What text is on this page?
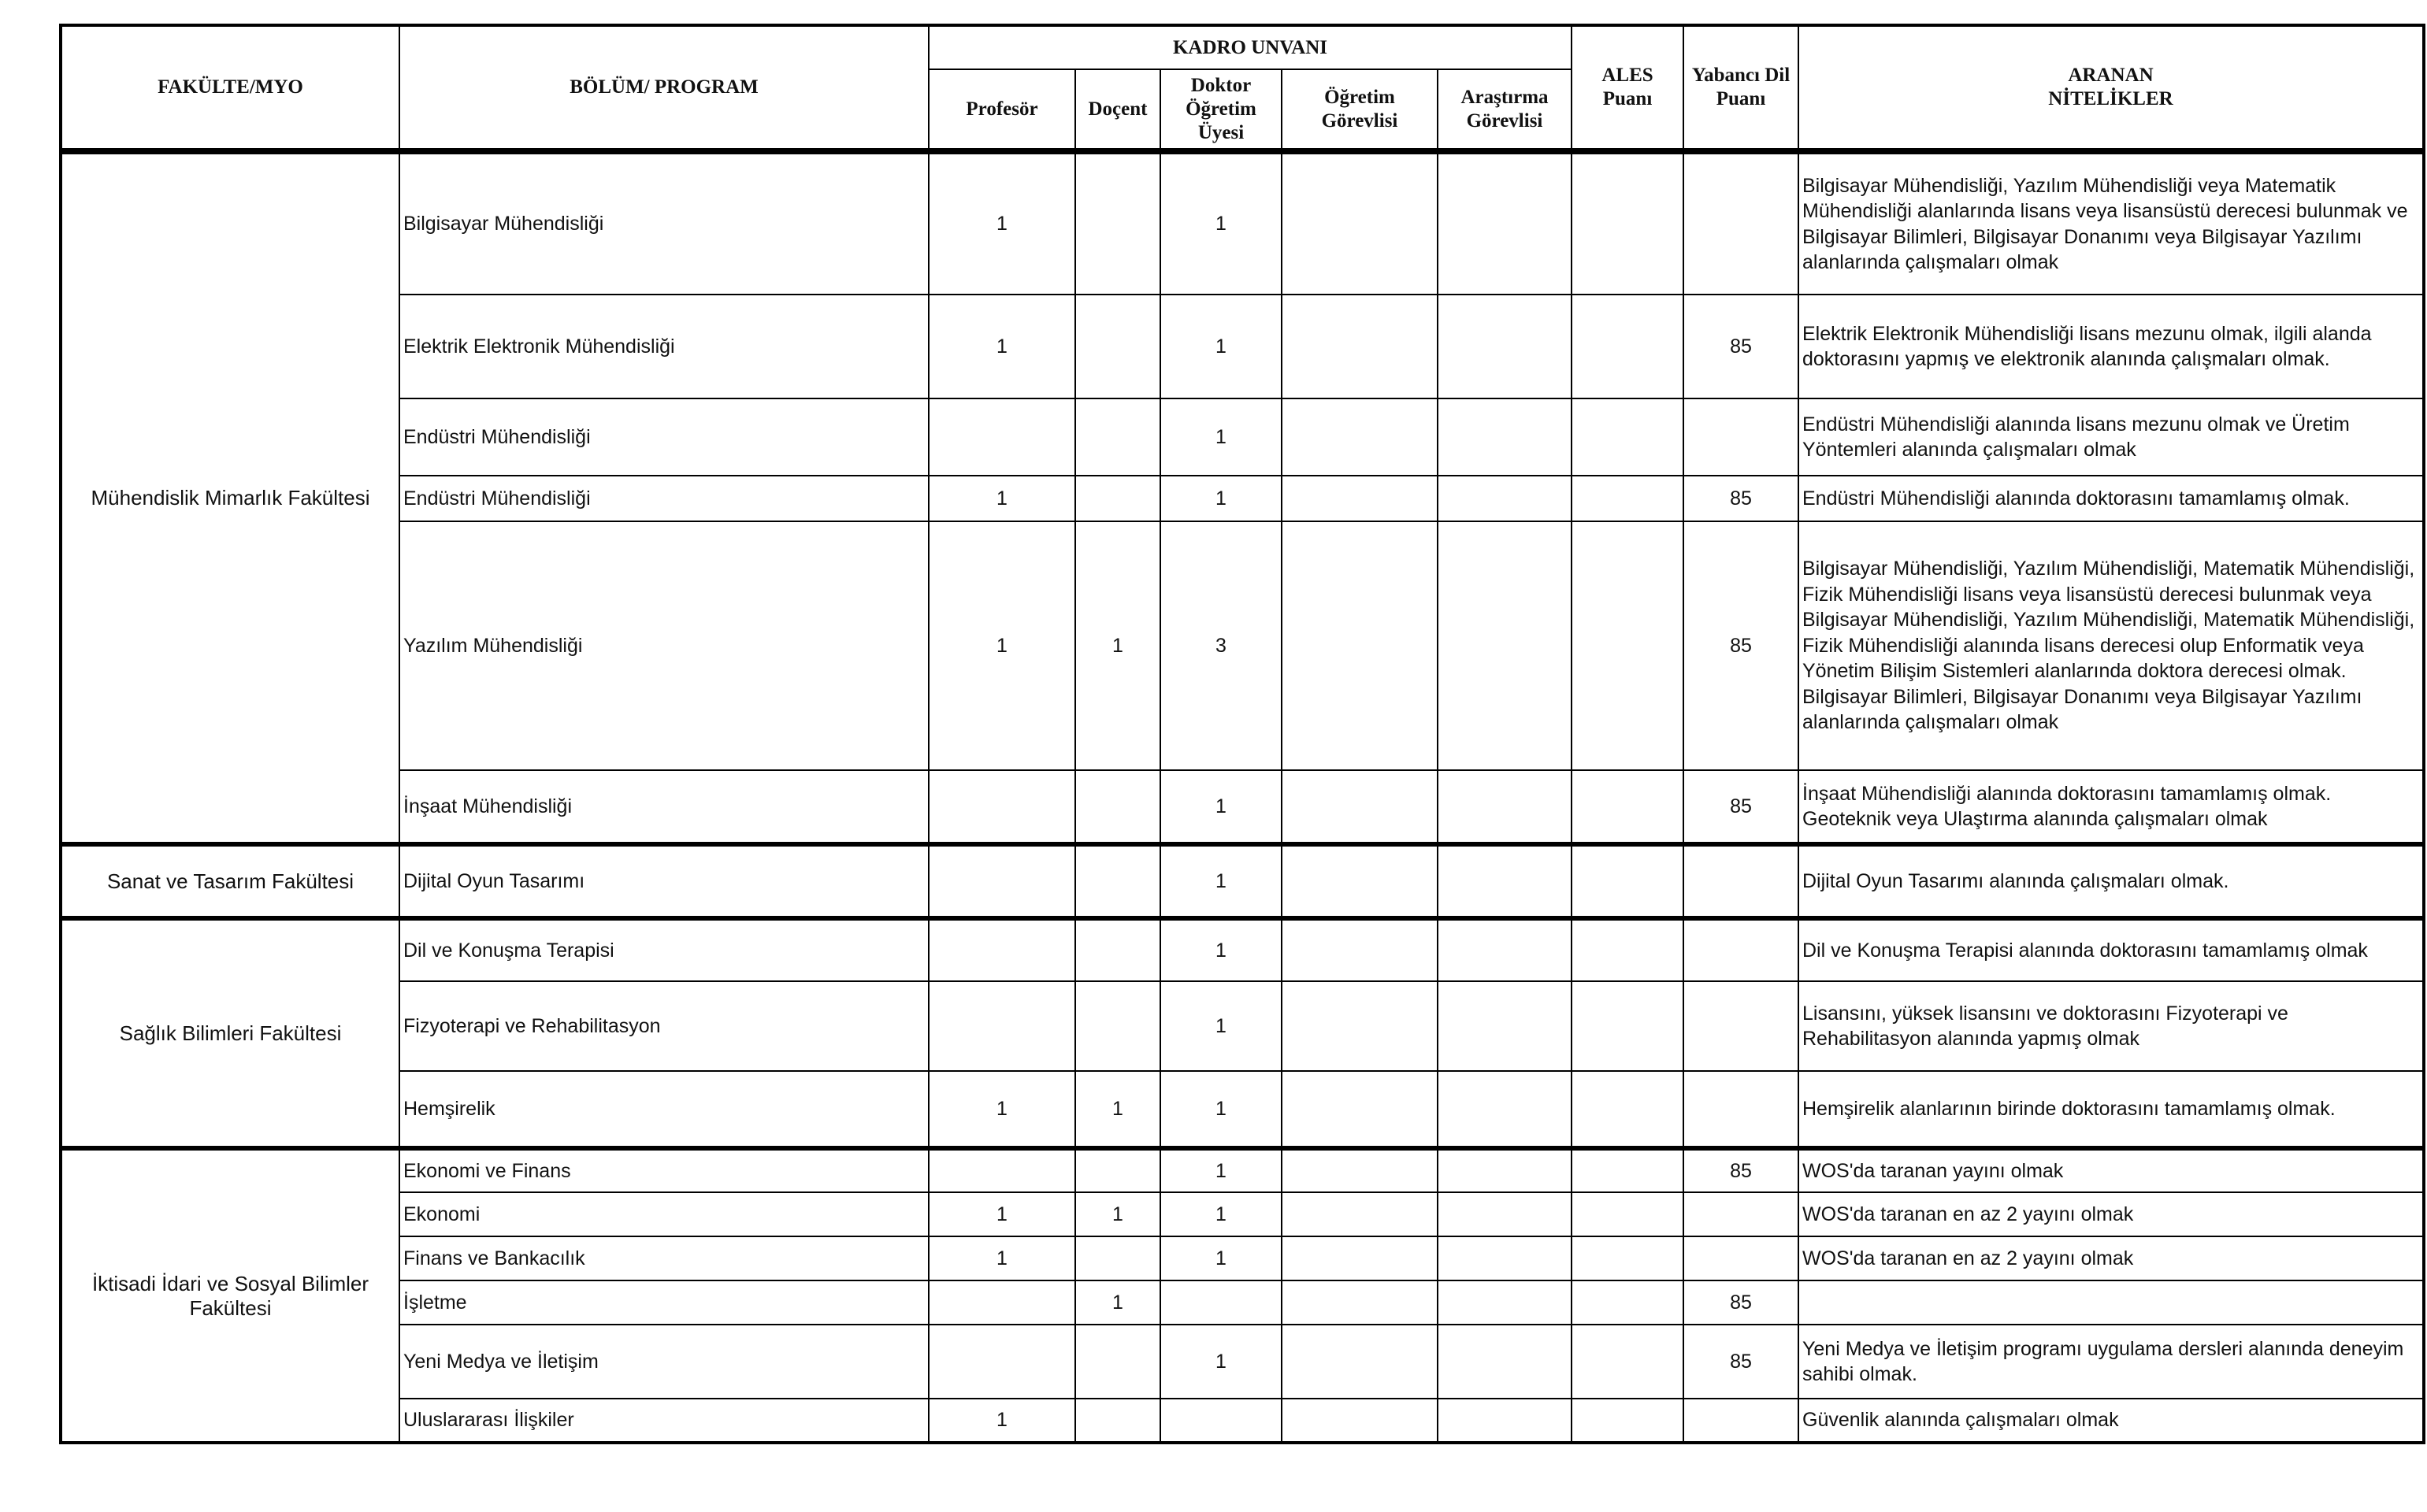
FAKÜLTE/MYO	BÖLÜM/ PROGRAM	KADRO UNVANI					ALES Puanı	Yabancı Dil Puanı	ARANAN
NİTELİKLER
		Profesör	Doçent	Doktor Öğretim Üyesi	Öğretim Görevlisi	Araştırma Görevlisi			
Mühendislik Mimarlık Fakültesi	Bilgisayar Mühendisliği	1		1					Bilgisayar Mühendisliği, Yazılım Mühendisliği veya Matematik Mühendisliği alanlarında lisans veya lisansüstü derecesi bulunmak ve Bilgisayar Bilimleri, Bilgisayar Donanımı veya Bilgisayar Yazılımı alanlarında çalışmaları olmak
	Elektrik Elektronik Mühendisliği	1		1				85	Elektrik Elektronik Mühendisliği lisans mezunu olmak, ilgili alanda doktorasını yapmış ve elektronik alanında çalışmaları olmak.
	Endüstri Mühendisliği			1					Endüstri Mühendisliği alanında lisans mezunu olmak ve Üretim Yöntemleri alanında çalışmaları olmak
	Endüstri Mühendisliği	1		1				85	Endüstri Mühendisliği alanında doktorasını tamamlamış olmak.
	Yazılım Mühendisliği	1	1	3				85	Bilgisayar Mühendisliği, Yazılım Mühendisliği, Matematik Mühendisliği, Fizik Mühendisliği lisans veya lisansüstü derecesi bulunmak veya Bilgisayar Mühendisliği, Yazılım Mühendisliği, Matematik Mühendisliği, Fizik Mühendisliği alanında lisans derecesi olup Enformatik veya Yönetim Bilişim Sistemleri alanlarında doktora derecesi olmak. Bilgisayar Bilimleri, Bilgisayar Donanımı veya Bilgisayar Yazılımı alanlarında çalışmaları olmak
	İnşaat Mühendisliği			1				85	İnşaat Mühendisliği alanında doktorasını tamamlamış olmak. Geoteknik veya Ulaştırma alanında çalışmaları olmak
Sanat ve Tasarım Fakültesi	Dijital Oyun Tasarımı			1					Dijital Oyun Tasarımı alanında çalışmaları olmak.
Sağlık Bilimleri Fakültesi	Dil ve Konuşma Terapisi			1					Dil ve Konuşma Terapisi alanında doktorasını tamamlamış olmak
	Fizyoterapi ve Rehabilitasyon			1					Lisansını, yüksek lisansını ve doktorasını Fizyoterapi ve Rehabilitasyon alanında yapmış olmak
	Hemşirelik	1	1	1					Hemşirelik alanlarının birinde doktorasını tamamlamış olmak.
İktisadi İdari ve Sosyal Bilimler Fakültesi	Ekonomi ve Finans			1				85	WOS'da taranan yayını olmak
	Ekonomi	1	1	1					WOS'da taranan en az 2 yayını olmak
	Finans ve Bankacılık	1		1					WOS'da taranan en az 2 yayını olmak
	İşletme		1					85	
	Yeni Medya ve İletişim			1				85	Yeni Medya ve İletişim programı uygulama dersleri alanında deneyim sahibi olmak.
	Uluslararası İlişkiler	1							Güvenlik alanında çalışmaları olmak
